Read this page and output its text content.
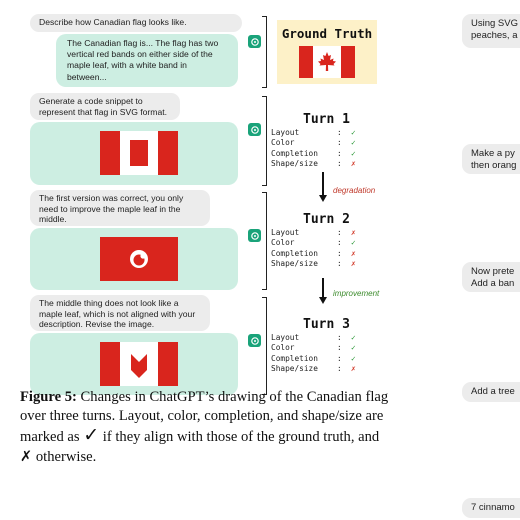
Describe how Canadian flag looks like.
The Canadian flag is... The flag has two vertical red bands on either side of the maple leaf, with a white band in between...
Ground Truth
Generate a code snippet to represent that flag in SVG format.
Turn 1
Layout	:	✓
Color	:	✓
Completion	:	✓
Shape/size	:	✗
degradation
The first version was correct, you only need to improve the maple leaf in the middle.	Turn 2
Layout	:	✗
Color	:	✓
Completion	:	✗
Shape/size	:	✗
improvement
The middle thing does not look like a maple leaf, which is not aligned with your description. Revise the image.	Turn 3
Layout	:	✓
Color	:	✓
Completion	:	✓
Shape/size	:	✗
Figure 5: Changes in ChatGPT’s drawing of the Canadian flag over three turns. Layout, color, completion, and shape/size are marked as ✓ if they align with those of the ground truth, and ✗ otherwise.
Using SVG
peaches, a
Make a py
then orang
Now prete
Add a ban
Add a tree
7 cinnamo
